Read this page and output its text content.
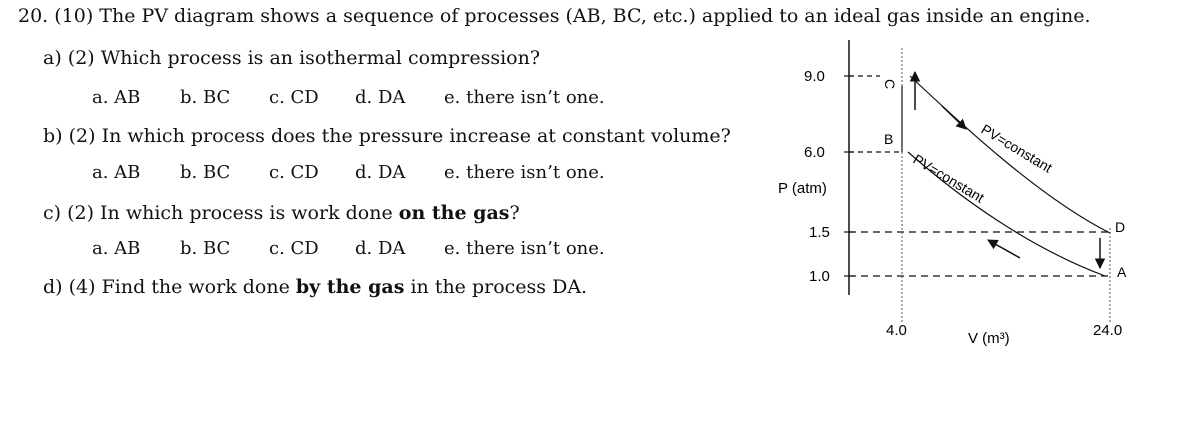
20. (10) The PV diagram shows a sequence of processes (AB, BC, etc.) applied to an ideal gas inside an engine.
a) (2) Which process is an isothermal compression?
a. AB b. BC c. CD d. DA e. there isn’t one.
b) (2) In which process does the pressure increase at constant volume?
a. AB b. BC c. CD d. DA e. there isn’t one.
c) (2) In which process is work done on the gas?
a. AB b. BC c. CD d. DA e. there isn’t one.
d) (4) Find the work done by the gas in the process DA.
9.0
6.0
1.5
1.0
P (atm)
V (m³)
4.0	24.0
C
B
D
A
PV=constant
PV=constant
